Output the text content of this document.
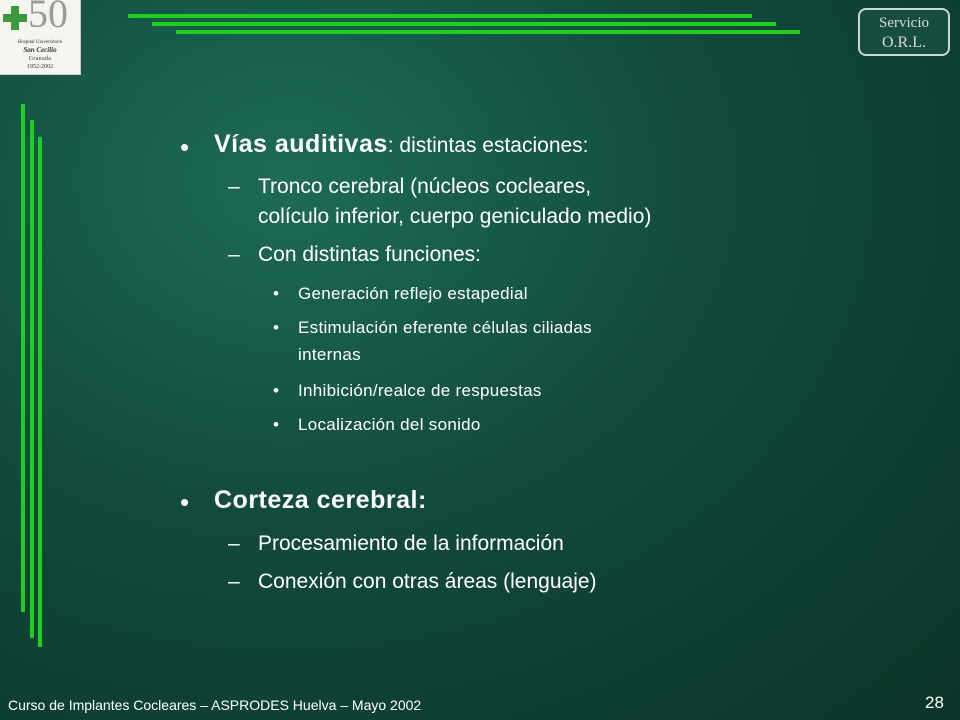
50
Hospital Universitario
San Cecilio
Granada
1952-2002
Servicio
O.R.L.
• Vías auditivas: distintas estaciones:
– Tronco cerebral (núcleos cocleares,
colículo inferior, cuerpo geniculado medio)
– Con distintas funciones:
• Generación reflejo estapedial
• Estimulación eferente células ciliadas
internas
• Inhibición/realce de respuestas
• Localización del sonido
• Corteza cerebral:
– Procesamiento de la información
– Conexión con otras áreas (lenguaje)
Curso de Implantes Cocleares – ASPRODES Huelva – Mayo 2002	28
